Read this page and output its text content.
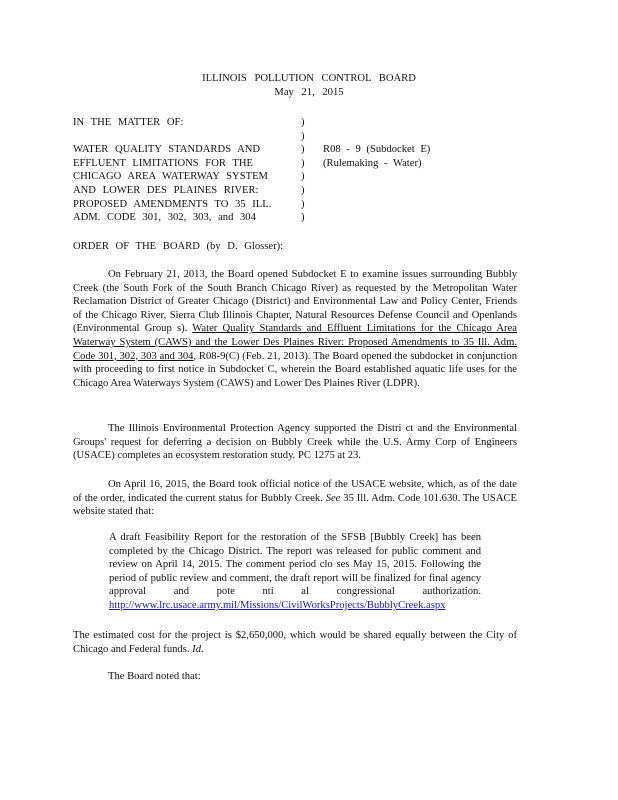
ILLINOIS POLLUTION CONTROL BOARD
May 21, 2015
IN THE MATTER OF:
WATER QUALITY STANDARDS AND
EFFLUENT LIMITATIONS FOR THE
CHICAGO AREA WATERWAY SYSTEM
AND LOWER DES PLAINES RIVER:
PROPOSED AMENDMENTS TO 35 ILL.
ADM. CODE 301, 302, 303, and 304
)
)
)
)
)
)
)
)
R08 - 9 (Subdocket E)
(Rulemaking - Water)
ORDER OF THE BOARD (by D. Glosser):

On February 21, 2013, the Board opened Subdocket E to examine issues surrounding Bubbly Creek (the South Fork of the South Branch Chicago River) as requested by the Metropolitan Water Reclamation District of Greater Chicago (District) and Environmental Law and Policy Center, Friends of the Chicago River, Sierra Club Illinois Chapter, Natural Resources Defense Council and Openlands (Environmental Group s). Water Quality Standards and Effluent Limitations for the Chicago Area Waterway System (CAWS) and the Lower Des Plaines River: Proposed Amendments to 35 Ill. Adm. Code 301, 302, 303 and 304, R08-9(C) (Feb. 21, 2013). The Board opened the subdocket in conjunction with proceeding to first notice in Subdocket C, wherein the Board established aquatic life uses for the Chicago Area Waterways System (CAWS) and Lower Des Plaines River (LDPR).

The Illinois Environmental Protection Agency supported the Distri ct and the Environmental Groups' request for deferring a decision on Bubbly Creek while the U.S. Army Corp of Engineers (USACE) completes an ecosystem restoration study. PC 1275 at 23.

On April 16, 2015, the Board took official notice of the USACE website, which, as of the date of the order, indicated the current status for Bubbly Creek. See 35 Ill. Adm. Code 101.630. The USACE website stated that:

A draft Feasibility Report for the restoration of the SFSB [Bubbly Creek] has been completed by the Chicago District. The report was released for public comment and review on April 14, 2015. The comment period clo ses May 15, 2015. Following the period of public review and comment, the draft report will be finalized for final agency approval and pote nti al congressional authorization. http://www.lrc.usace.army.mil/Missions/CivilWorksProjects/BubblyCreek.aspx

The estimated cost for the project is $2,650,000, which would be shared equally between the City of Chicago and Federal funds. Id.

The Board noted that:
